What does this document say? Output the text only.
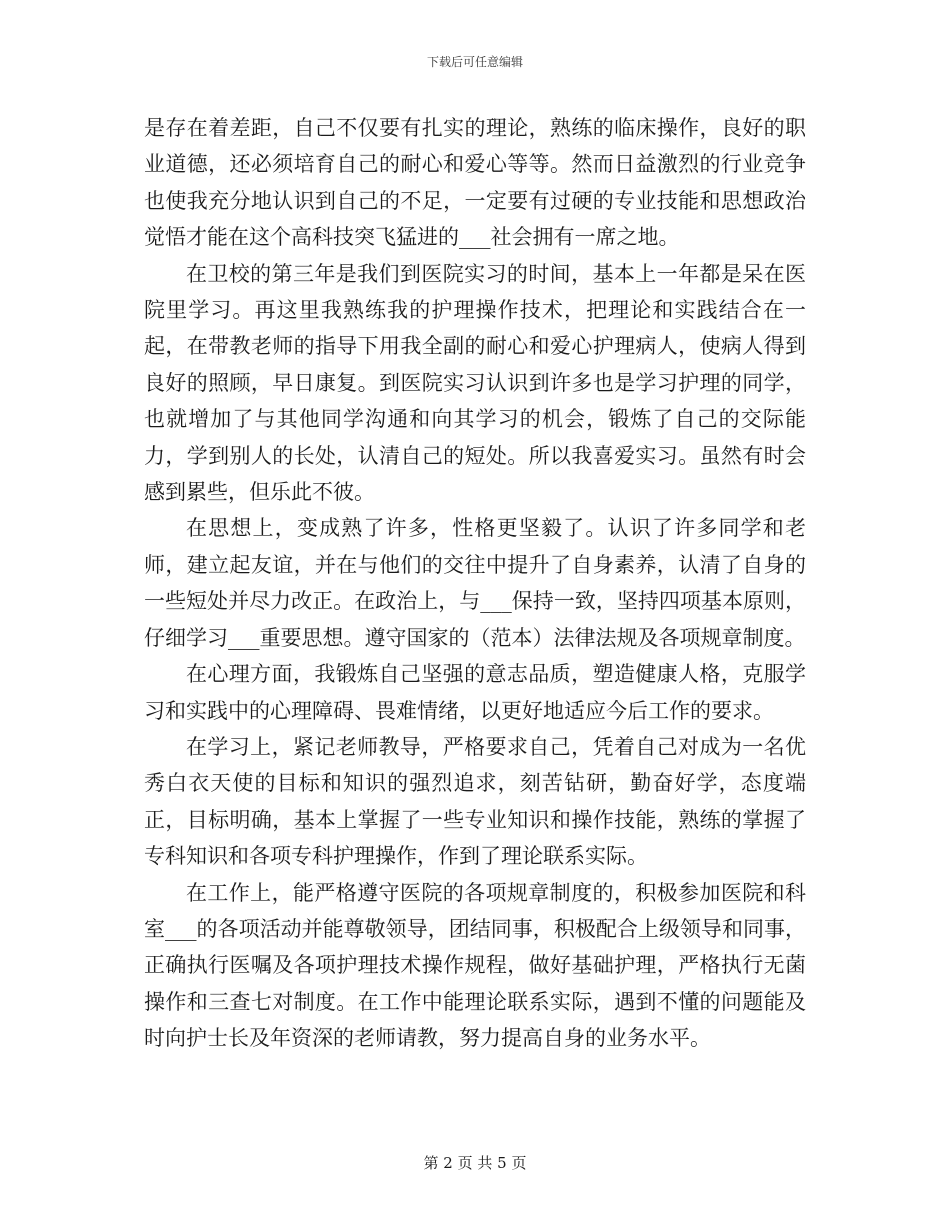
下载后可任意编辑

是存在着差距，自己不仅要有扎实的理论，熟练的临床操作，良好的职业道德，还必须培育自己的耐心和爱心等等。然而日益激烈的行业竞争也使我充分地认识到自己的不足，一定要有过硬的专业技能和思想政治觉悟才能在这个高科技突飞猛进的___社会拥有一席之地。

在卫校的第三年是我们到医院实习的时间，基本上一年都是呆在医院里学习。再这里我熟练我的护理操作技术，把理论和实践结合在一起，在带教老师的指导下用我全副的耐心和爱心护理病人，使病人得到良好的照顾，早日康复。到医院实习认识到许多也是学习护理的同学，也就增加了与其他同学沟通和向其学习的机会，锻炼了自己的交际能力，学到别人的长处，认清自己的短处。所以我喜爱实习。虽然有时会感到累些，但乐此不彼。

在思想上，变成熟了许多，性格更坚毅了。认识了许多同学和老师，建立起友谊，并在与他们的交往中提升了自身素养，认清了自身的一些短处并尽力改正。在政治上，与___保持一致，坚持四项基本原则，仔细学习___重要思想。遵守国家的（范本）法律法规及各项规章制度。

在心理方面，我锻炼自己坚强的意志品质，塑造健康人格，克服学习和实践中的心理障碍、畏难情绪，以更好地适应今后工作的要求。

在学习上，紧记老师教导，严格要求自己，凭着自己对成为一名优秀白衣天使的目标和知识的强烈追求，刻苦钻研，勤奋好学，态度端正，目标明确，基本上掌握了一些专业知识和操作技能，熟练的掌握了专科知识和各项专科护理操作，作到了理论联系实际。

在工作上，能严格遵守医院的各项规章制度的，积极参加医院和科室___的各项活动并能尊敬领导，团结同事，积极配合上级领导和同事，正确执行医嘱及各项护理技术操作规程，做好基础护理，严格执行无菌操作和三查七对制度。在工作中能理论联系实际，遇到不懂的问题能及时向护士长及年资深的老师请教，努力提高自身的业务水平。

第 2 页 共 5 页
